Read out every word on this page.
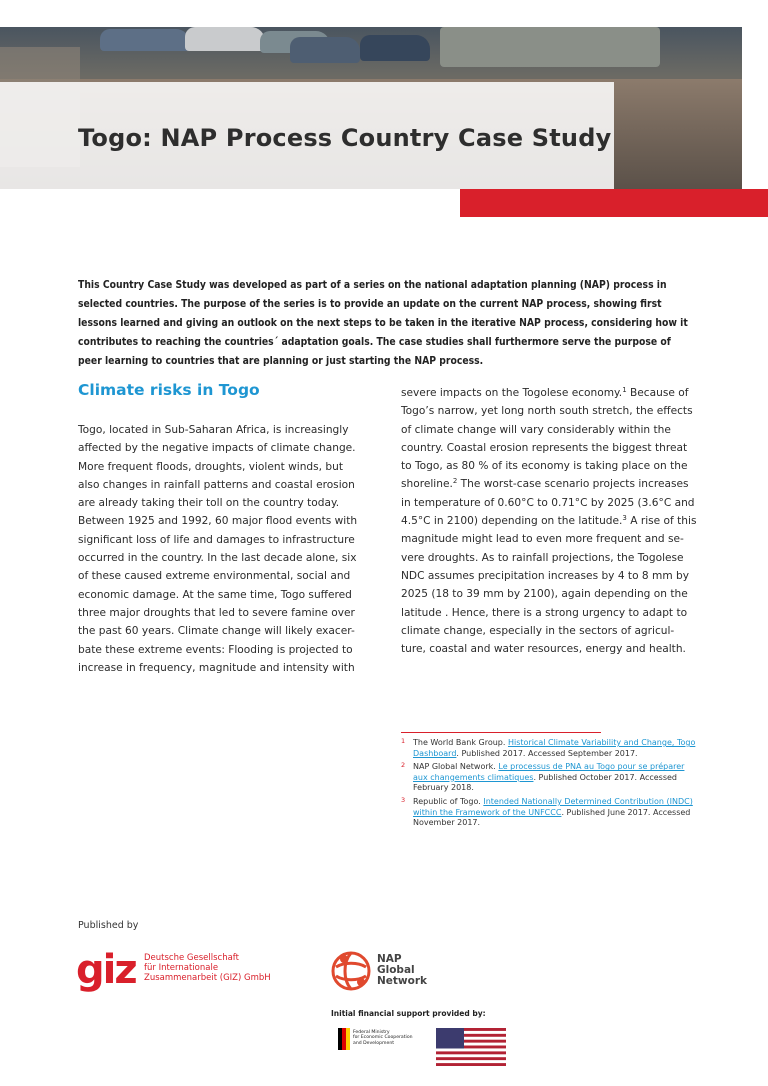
Togo: NAP Process Country Case Study

This Country Case Study was developed as part of a series on the national adaptation planning (NAP) process in selected countries. The purpose of the series is to provide an update on the current NAP process, showing first lessons learned and giving an outlook on the next steps to be taken in the iterative NAP process, considering how it contributes to reaching the countries´ adaptation goals. The case studies shall furthermore serve the purpose of peer learning to countries that are planning or just starting the NAP process.

Climate risks in Togo
Togo, located in Sub-Saharan Africa, is increasingly
affected by the negative impacts of climate change.
More frequent floods, droughts, violent winds, but
also changes in rainfall patterns and coastal erosion
are already taking their toll on the country today.
Between 1925 and 1992, 60 major flood events with
significant loss of life and damages to infrastructure
occurred in the country. In the last decade alone, six
of these caused extreme environmental, social and
economic damage. At the same time, Togo suffered
three major droughts that led to severe famine over
the past 60 years. Climate change will likely exacer-
bate these extreme events: Flooding is projected to
increase in frequency, magnitude and intensity with
severe impacts on the Togolese economy.$^1$ Because of
Togo’s narrow, yet long north south stretch, the effects
of climate change will vary considerably within the
country. Coastal erosion represents the biggest threat
to Togo, as 80 % of its economy is taking place on the
shoreline.$^2$ The worst-case scenario projects increases
in temperature of 0.60°C to 0.71°C by 2025 (3.6°C and
4.5°C in 2100) depending on the latitude.$^3$ A rise of this
magnitude might lead to even more frequent and se-
vere droughts. As to rainfall projections, the Togolese
NDC assumes precipitation increases by 4 to 8 mm by
2025 (18 to 39 mm by 2100), again depending on the
latitude . Hence, there is a strong urgency to adapt to
climate change, especially in the sectors of agricul-
ture, coastal and water resources, energy and health.
1 The World Bank Group. Historical Climate Variability and Change, Togo Dashboard. Published 2017. Accessed September 2017.
2 NAP Global Network. Le processus de PNA au Togo pour se préparer aux changements climatiques. Published October 2017. Accessed February 2018.
3 Republic of Togo. Intended Nationally Determined Contribution (INDC) within the Framework of the UNFCCC. Published June 2017. Accessed November 2017.

Published by

giz Deutsche Gesellschaft
für Internationale
Zusammenarbeit (GIZ) GmbH
NAP
Global
Network
Initial financial support provided by:
Federal Ministry
for Economic Cooperation
and Development
